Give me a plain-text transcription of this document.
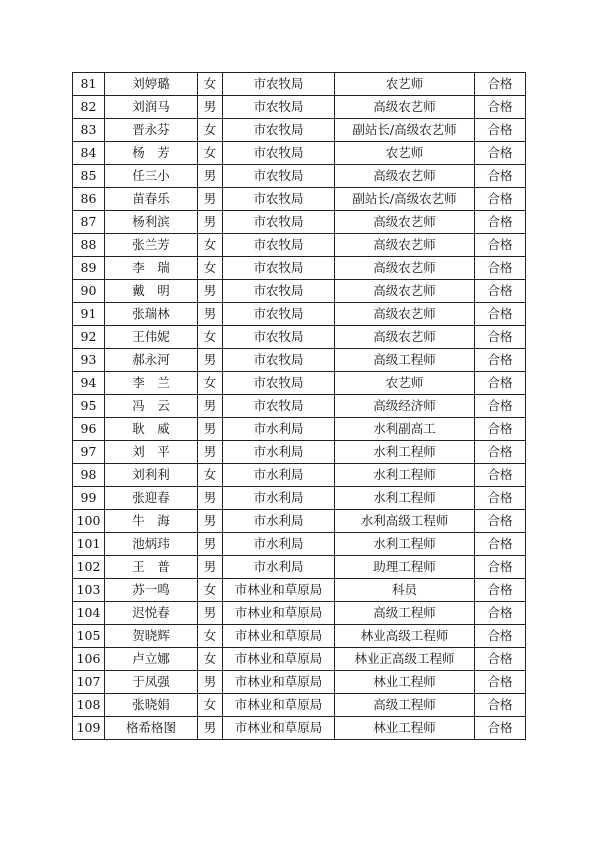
81	刘婷璐	女	市农牧局	农艺师	合格
82	刘润马	男	市农牧局	高级农艺师	合格
83	晋永芬	女	市农牧局	副站长/高级农艺师	合格
84	杨　芳	女	市农牧局	农艺师	合格
85	任三小	男	市农牧局	高级农艺师	合格
86	苗春乐	男	市农牧局	副站长/高级农艺师	合格
87	杨利滨	男	市农牧局	高级农艺师	合格
88	张兰芳	女	市农牧局	高级农艺师	合格
89	李　瑞	女	市农牧局	高级农艺师	合格
90	戴　明	男	市农牧局	高级农艺师	合格
91	张瑞林	男	市农牧局	高级农艺师	合格
92	王伟妮	女	市农牧局	高级农艺师	合格
93	郝永河	男	市农牧局	高级工程师	合格
94	李　兰	女	市农牧局	农艺师	合格
95	冯　云	男	市农牧局	高级经济师	合格
96	耿　威	男	市水利局	水利副高工	合格
97	刘　平	男	市水利局	水利工程师	合格
98	刘利利	女	市水利局	水利工程师	合格
99	张迎春	男	市水利局	水利工程师	合格
100	牛　海	男	市水利局	水利高级工程师	合格
101	池炳玮	男	市水利局	水利工程师	合格
102	王　普	男	市水利局	助理工程师	合格
103	苏一鸣	女	市林业和草原局	科员	合格
104	迟悦春	男	市林业和草原局	高级工程师	合格
105	贺晓辉	女	市林业和草原局	林业高级工程师	合格
106	卢立娜	女	市林业和草原局	林业正高级工程师	合格
107	于凤强	男	市林业和草原局	林业工程师	合格
108	张晓娟	女	市林业和草原局	高级工程师	合格
109	格希格图	男	市林业和草原局	林业工程师	合格
